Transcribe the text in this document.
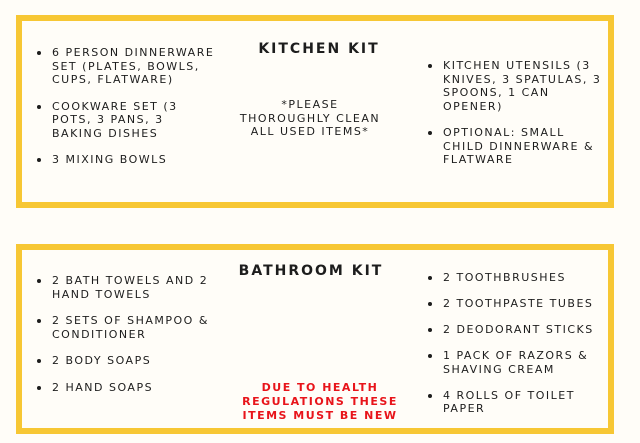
KITCHEN KIT
6 PERSON DINNERWARE SET (PLATES, BOWLS, CUPS, FLATWARE)
COOKWARE SET (3 POTS, 3 PANS, 3 BAKING DISHES
3 MIXING BOWLS

*PLEASE THOROUGHLY CLEAN ALL USED ITEMS*

KITCHEN UTENSILS (3 KNIVES, 3 SPATULAS, 3 SPOONS, 1 CAN OPENER)
OPTIONAL: SMALL CHILD DINNERWARE & FLATWARE
BATHROOM KIT
2 BATH TOWELS AND 2 HAND TOWELS
2 SETS OF SHAMPOO & CONDITIONER
2 BODY SOAPS
2 HAND SOAPS	DUE TO HEALTH REGULATIONS THESE ITEMS MUST BE NEW

2 TOOTHBRUSHES
2 TOOTHPASTE TUBES
2 DEODORANT STICKS
1 PACK OF RAZORS & SHAVING CREAM
4 ROLLS OF TOILET PAPER
